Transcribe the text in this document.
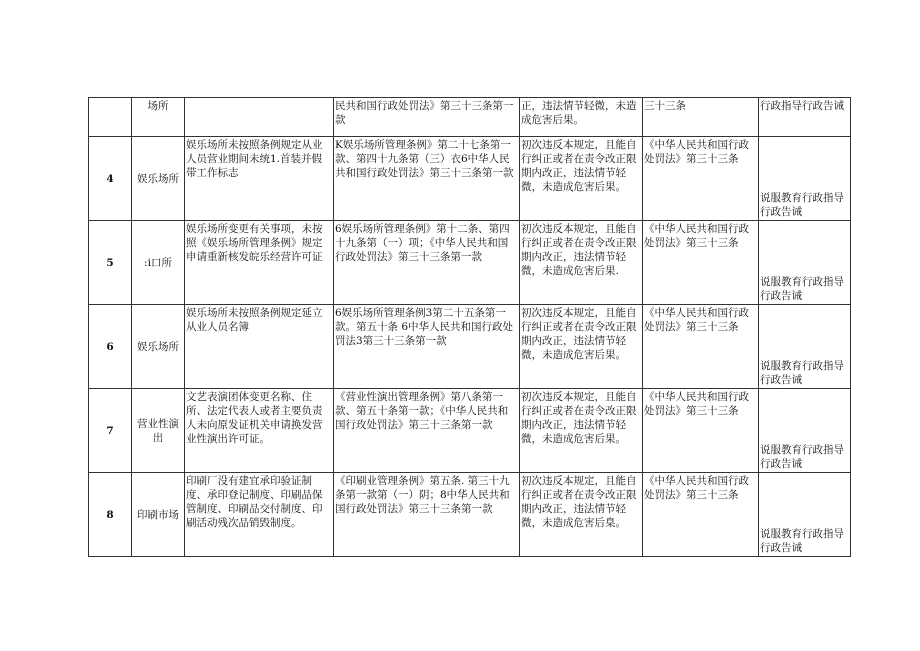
	场所		民共和国行政处罚法》第三十三条第一款	正，违法情节轻微，未造成危害后果。	三十三条	行政指导行政告诫
4	娱乐场所	娱乐场所未按照条例规定从业人员营业期间未统1.首装并假带工作标志	K娱乐场所管理条例》第二十七条第一款、第四十九条第（三）衣6中华人民共和国行政处罚法》第三十三条第一款	初次违反本规定，且能自行纠正或者在责令改正限期内改正，违法情节轻微，未造成危害后果。	《中华人民共和国行政处罚法》第三十三条	说服教育行政指导行政告诫
5	:i口所	娱乐场所变更有关事项，未按照《娱乐场所管理条例》规定申请重新核发皖乐经营许可证	6娱乐场所管理条例》第十二条、第四十九条第（一）项；《中华人民共和国行政处罚法》第三十三条第一款	初次违反本规定，且能自行纠正或者在责令改正限期内改正，违法情节轻微，未造成危害后果.	《中华人民共和国行政处罚法》第三十三条	说服教育行政指导行政告诫
6	娱乐场所	娱乐场所未按照条例规定延立从业人员名簿	6娱乐场所管理条例3第二十五条第一款。第五十条 6中华人民共和国行政处罚法3第三十三条第一款	初次违反本规定，且能自行纠正或者在责令改正限期内改正，违法情节轻微，未造成危害后果。	《中华人民共和国行政处罚法》第三十三条	说服教育行政指导行政告诫
7	营业性演出	文艺表演团体变更名称、住所、法定代表人或者主要负责人未向原发证机关申请换发营业性演出许可证。	《营业性演出管理条例》第八条第一款、第五十条第一款；《中华人民共和国行玫处罚法》第三十三条第一款	初次违反本规定，且能自行纠正或者在责令改正限期内改正，违法情节轻微，未造成危害后果。	《中华人民共和国行政处罚法》第三十三条	说服教育行政指导行政告诫
8	印刷市场	印刷厂没有建宜承印验证制度、承印登记制度、印刷品保管制度、印刷品交付制度、印刷活动残次品销毁制度。	《印刷业管理条例》第五条. 第三十九条第一款第（一）阴；8中华人民共和国行政处罚法》第三十三条第一款	初次违反本规定，且能自行纠正或者在责令改正限期内改正，违法情节轻微，未造成危害后臬。	《中华人民共和国行政处罚法》第三十三条	说服教育行政指导行政告诫
